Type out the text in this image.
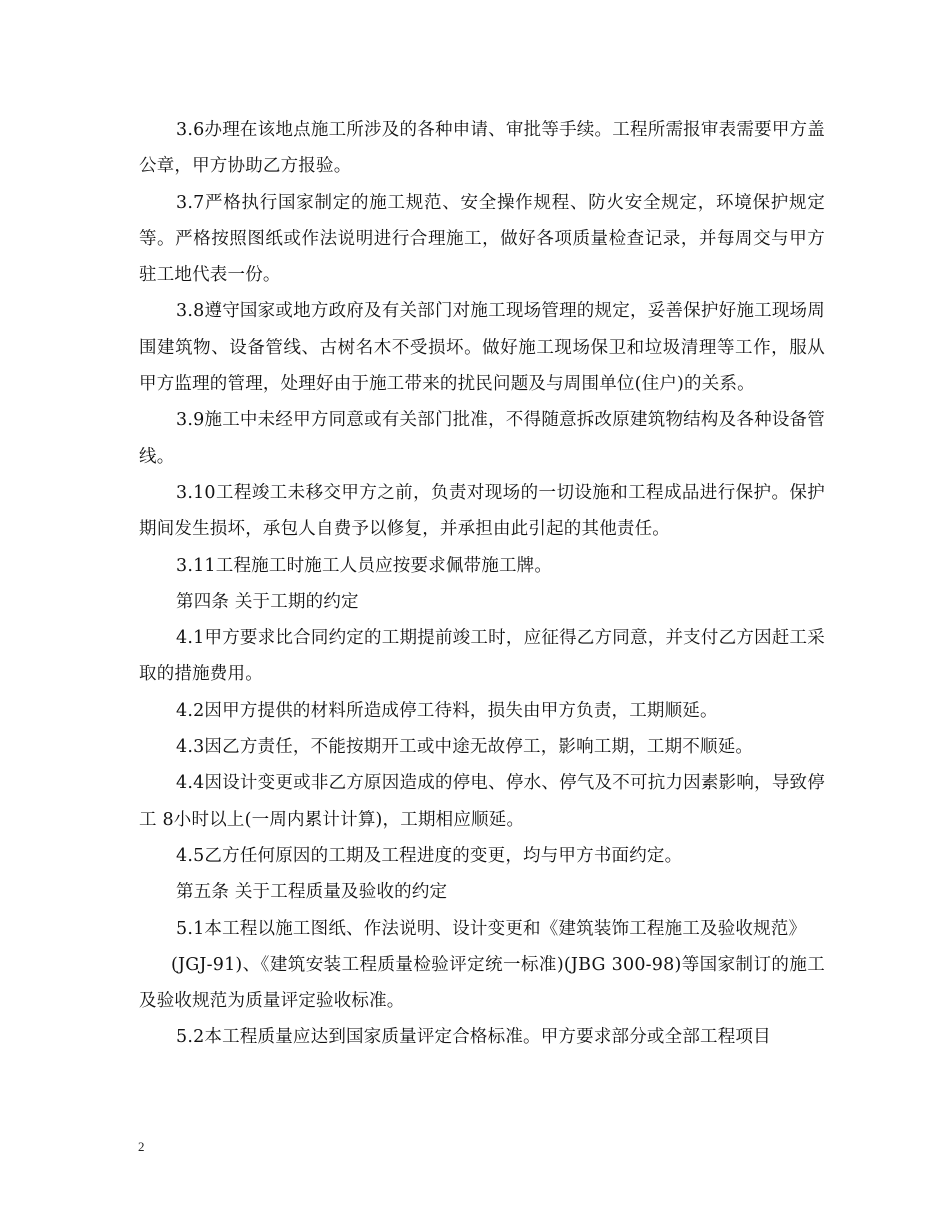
3.6办理在该地点施工所涉及的各种申请、审批等手续。工程所需报审表需要甲方盖公章，甲方协助乙方报验。

3.7严格执行国家制定的施工规范、安全操作规程、防火安全规定，环境保护规定等。严格按照图纸或作法说明进行合理施工，做好各项质量检查记录，并每周交与甲方驻工地代表一份。

3.8遵守国家或地方政府及有关部门对施工现场管理的规定，妥善保护好施工现场周围建筑物、设备管线、古树名木不受损坏。做好施工现场保卫和垃圾清理等工作，服从甲方监理的管理，处理好由于施工带来的扰民问题及与周围单位(住户)的关系。

3.9施工中未经甲方同意或有关部门批准，不得随意拆改原建筑物结构及各种设备管线。

3.10工程竣工未移交甲方之前，负责对现场的一切设施和工程成品进行保护。保护期间发生损坏，承包人自费予以修复，并承担由此引起的其他责任。

3.11工程施工时施工人员应按要求佩带施工牌。

第四条 关于工期的约定

4.1甲方要求比合同约定的工期提前竣工时，应征得乙方同意，并支付乙方因赶工采取的措施费用。

4.2因甲方提供的材料所造成停工待料，损失由甲方负责，工期顺延。

4.3因乙方责任，不能按期开工或中途无故停工，影响工期，工期不顺延。

4.4因设计变更或非乙方原因造成的停电、停水、停气及不可抗力因素影响，导致停工 8小时以上(一周内累计计算)，工期相应顺延。

4.5乙方任何原因的工期及工程进度的变更，均与甲方书面约定。

第五条 关于工程质量及验收的约定

5.1本工程以施工图纸、作法说明、设计变更和《建筑装饰工程施工及验收规范》

(JGJ-91)、《建筑安装工程质量检验评定统一标准)(JBG 300-98)等国家制订的施工及验收规范为质量评定验收标准。

5.2本工程质量应达到国家质量评定合格标准。甲方要求部分或全部工程项目

2
